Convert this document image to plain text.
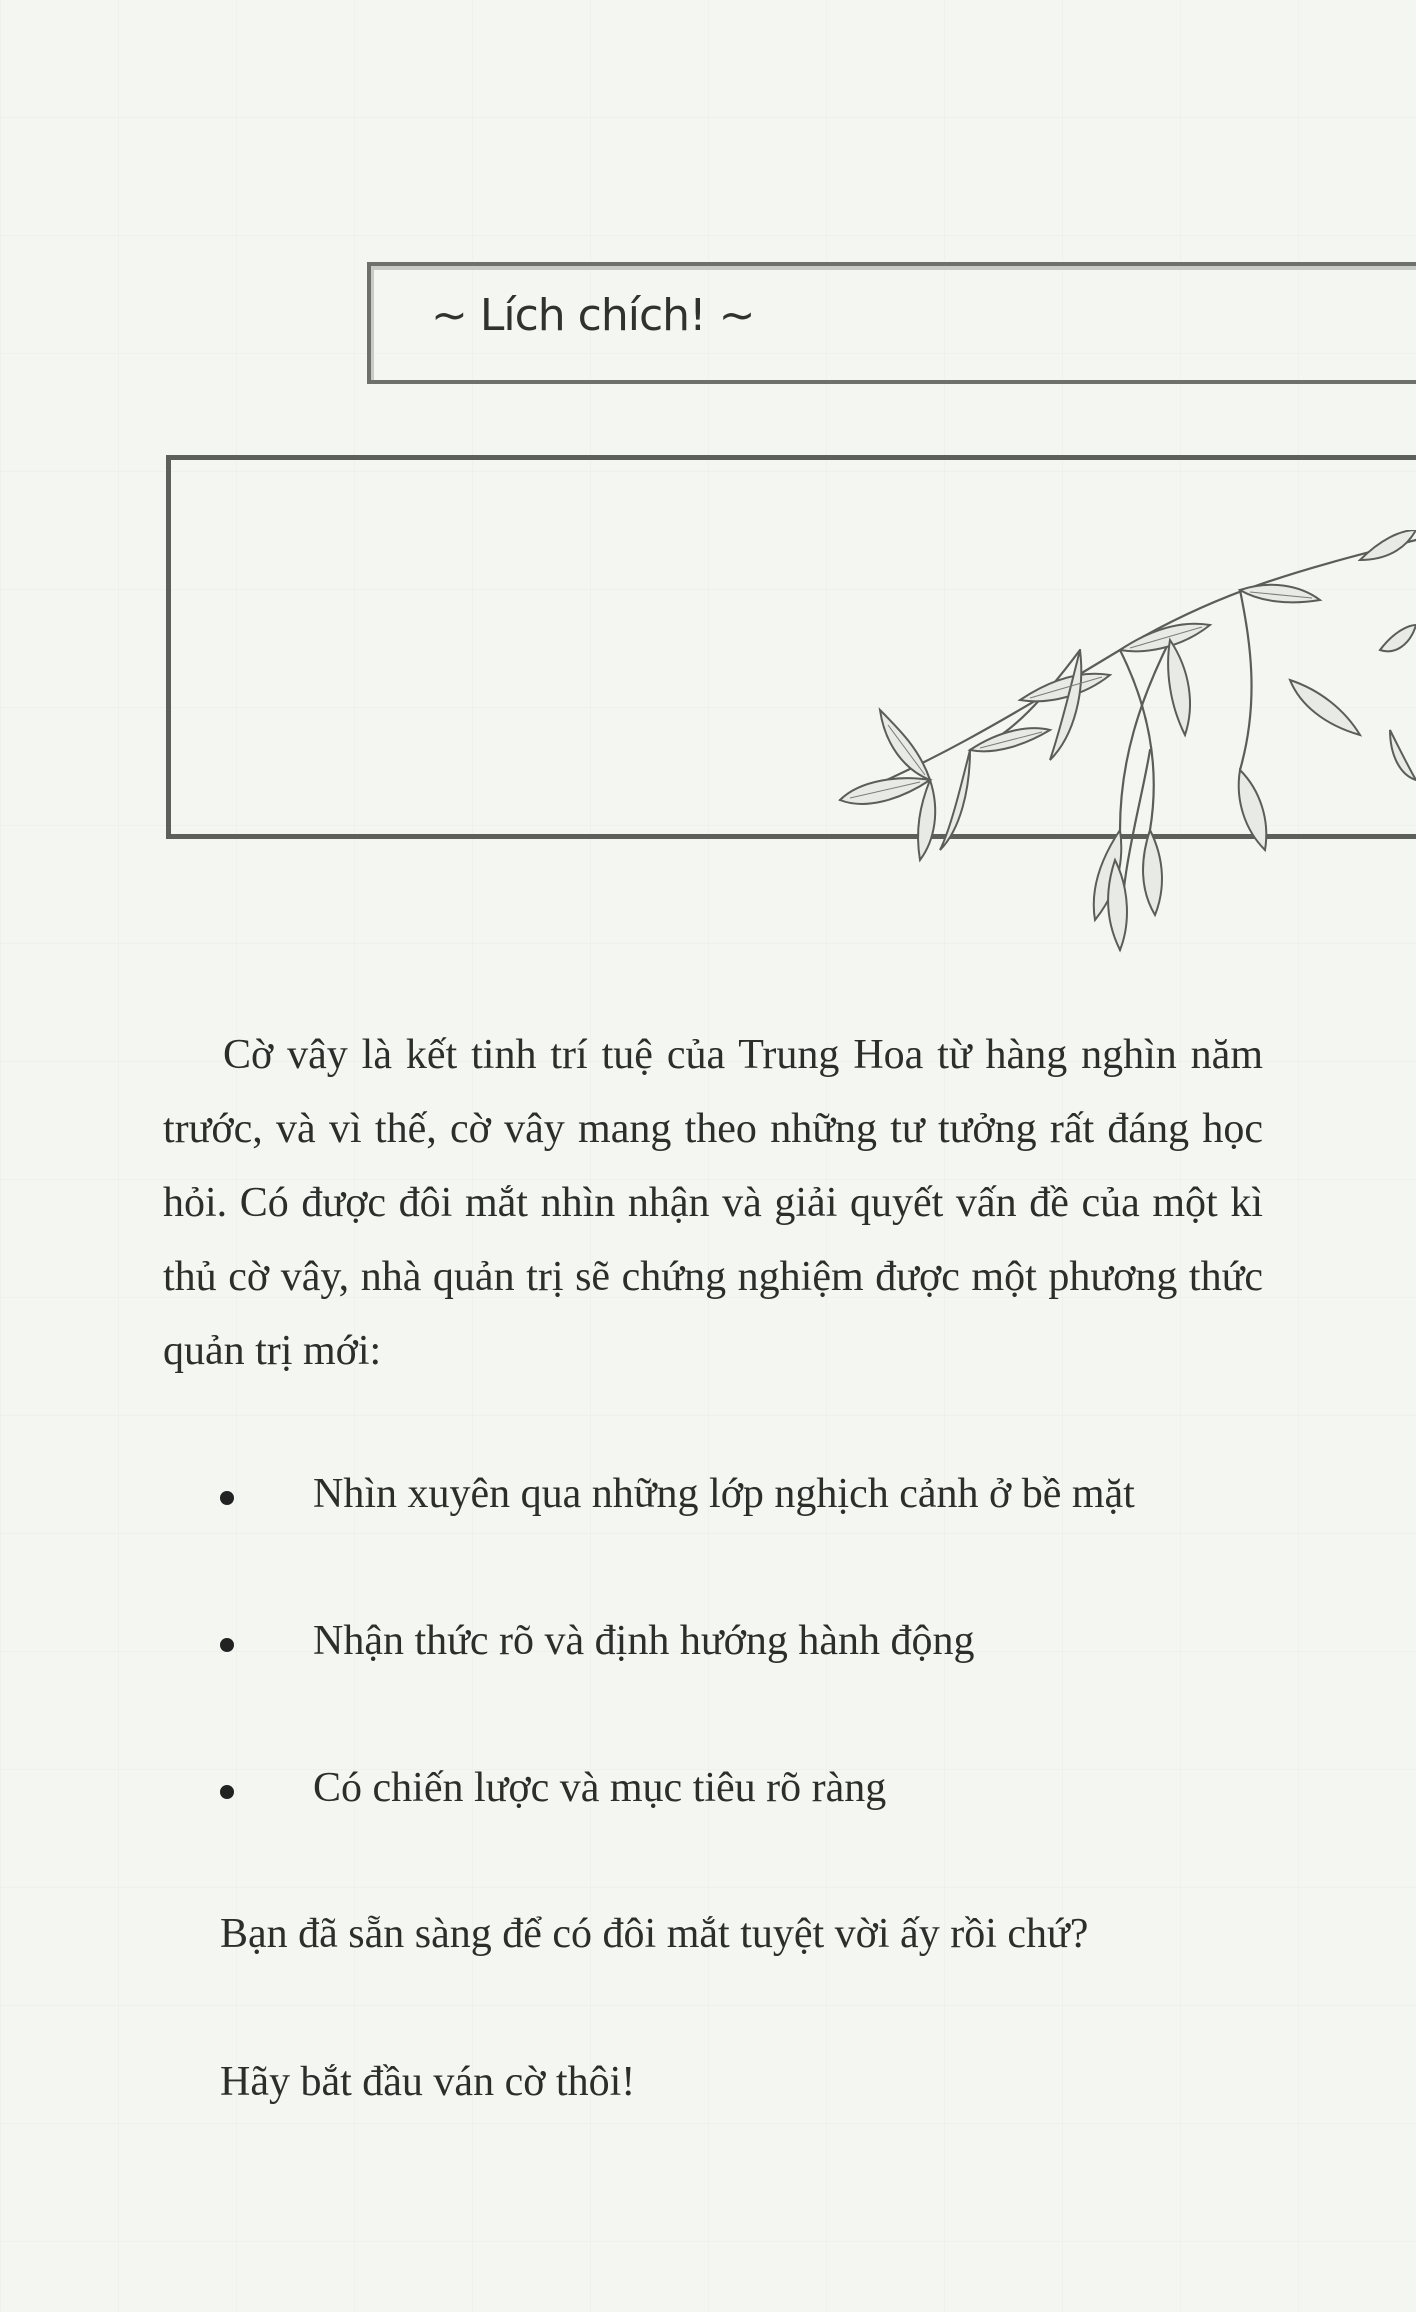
~ Lích chích! ~
Cờ vây là kết tinh trí tuệ của Trung Hoa từ hàng nghìn năm trước, và vì thế, cờ vây mang theo những tư tưởng rất đáng học hỏi. Có được đôi mắt nhìn nhận và giải quyết vấn đề của một kì thủ cờ vây, nhà quản trị sẽ chứng nghiệm được một phương thức quản trị mới:
Nhìn xuyên qua những lớp nghịch cảnh ở bề mặt
Nhận thức rõ và định hướng hành động
Có chiến lược và mục tiêu rõ ràng
Bạn đã sẵn sàng để có đôi mắt tuyệt vời ấy rồi chứ?
Hãy bắt đầu ván cờ thôi!
